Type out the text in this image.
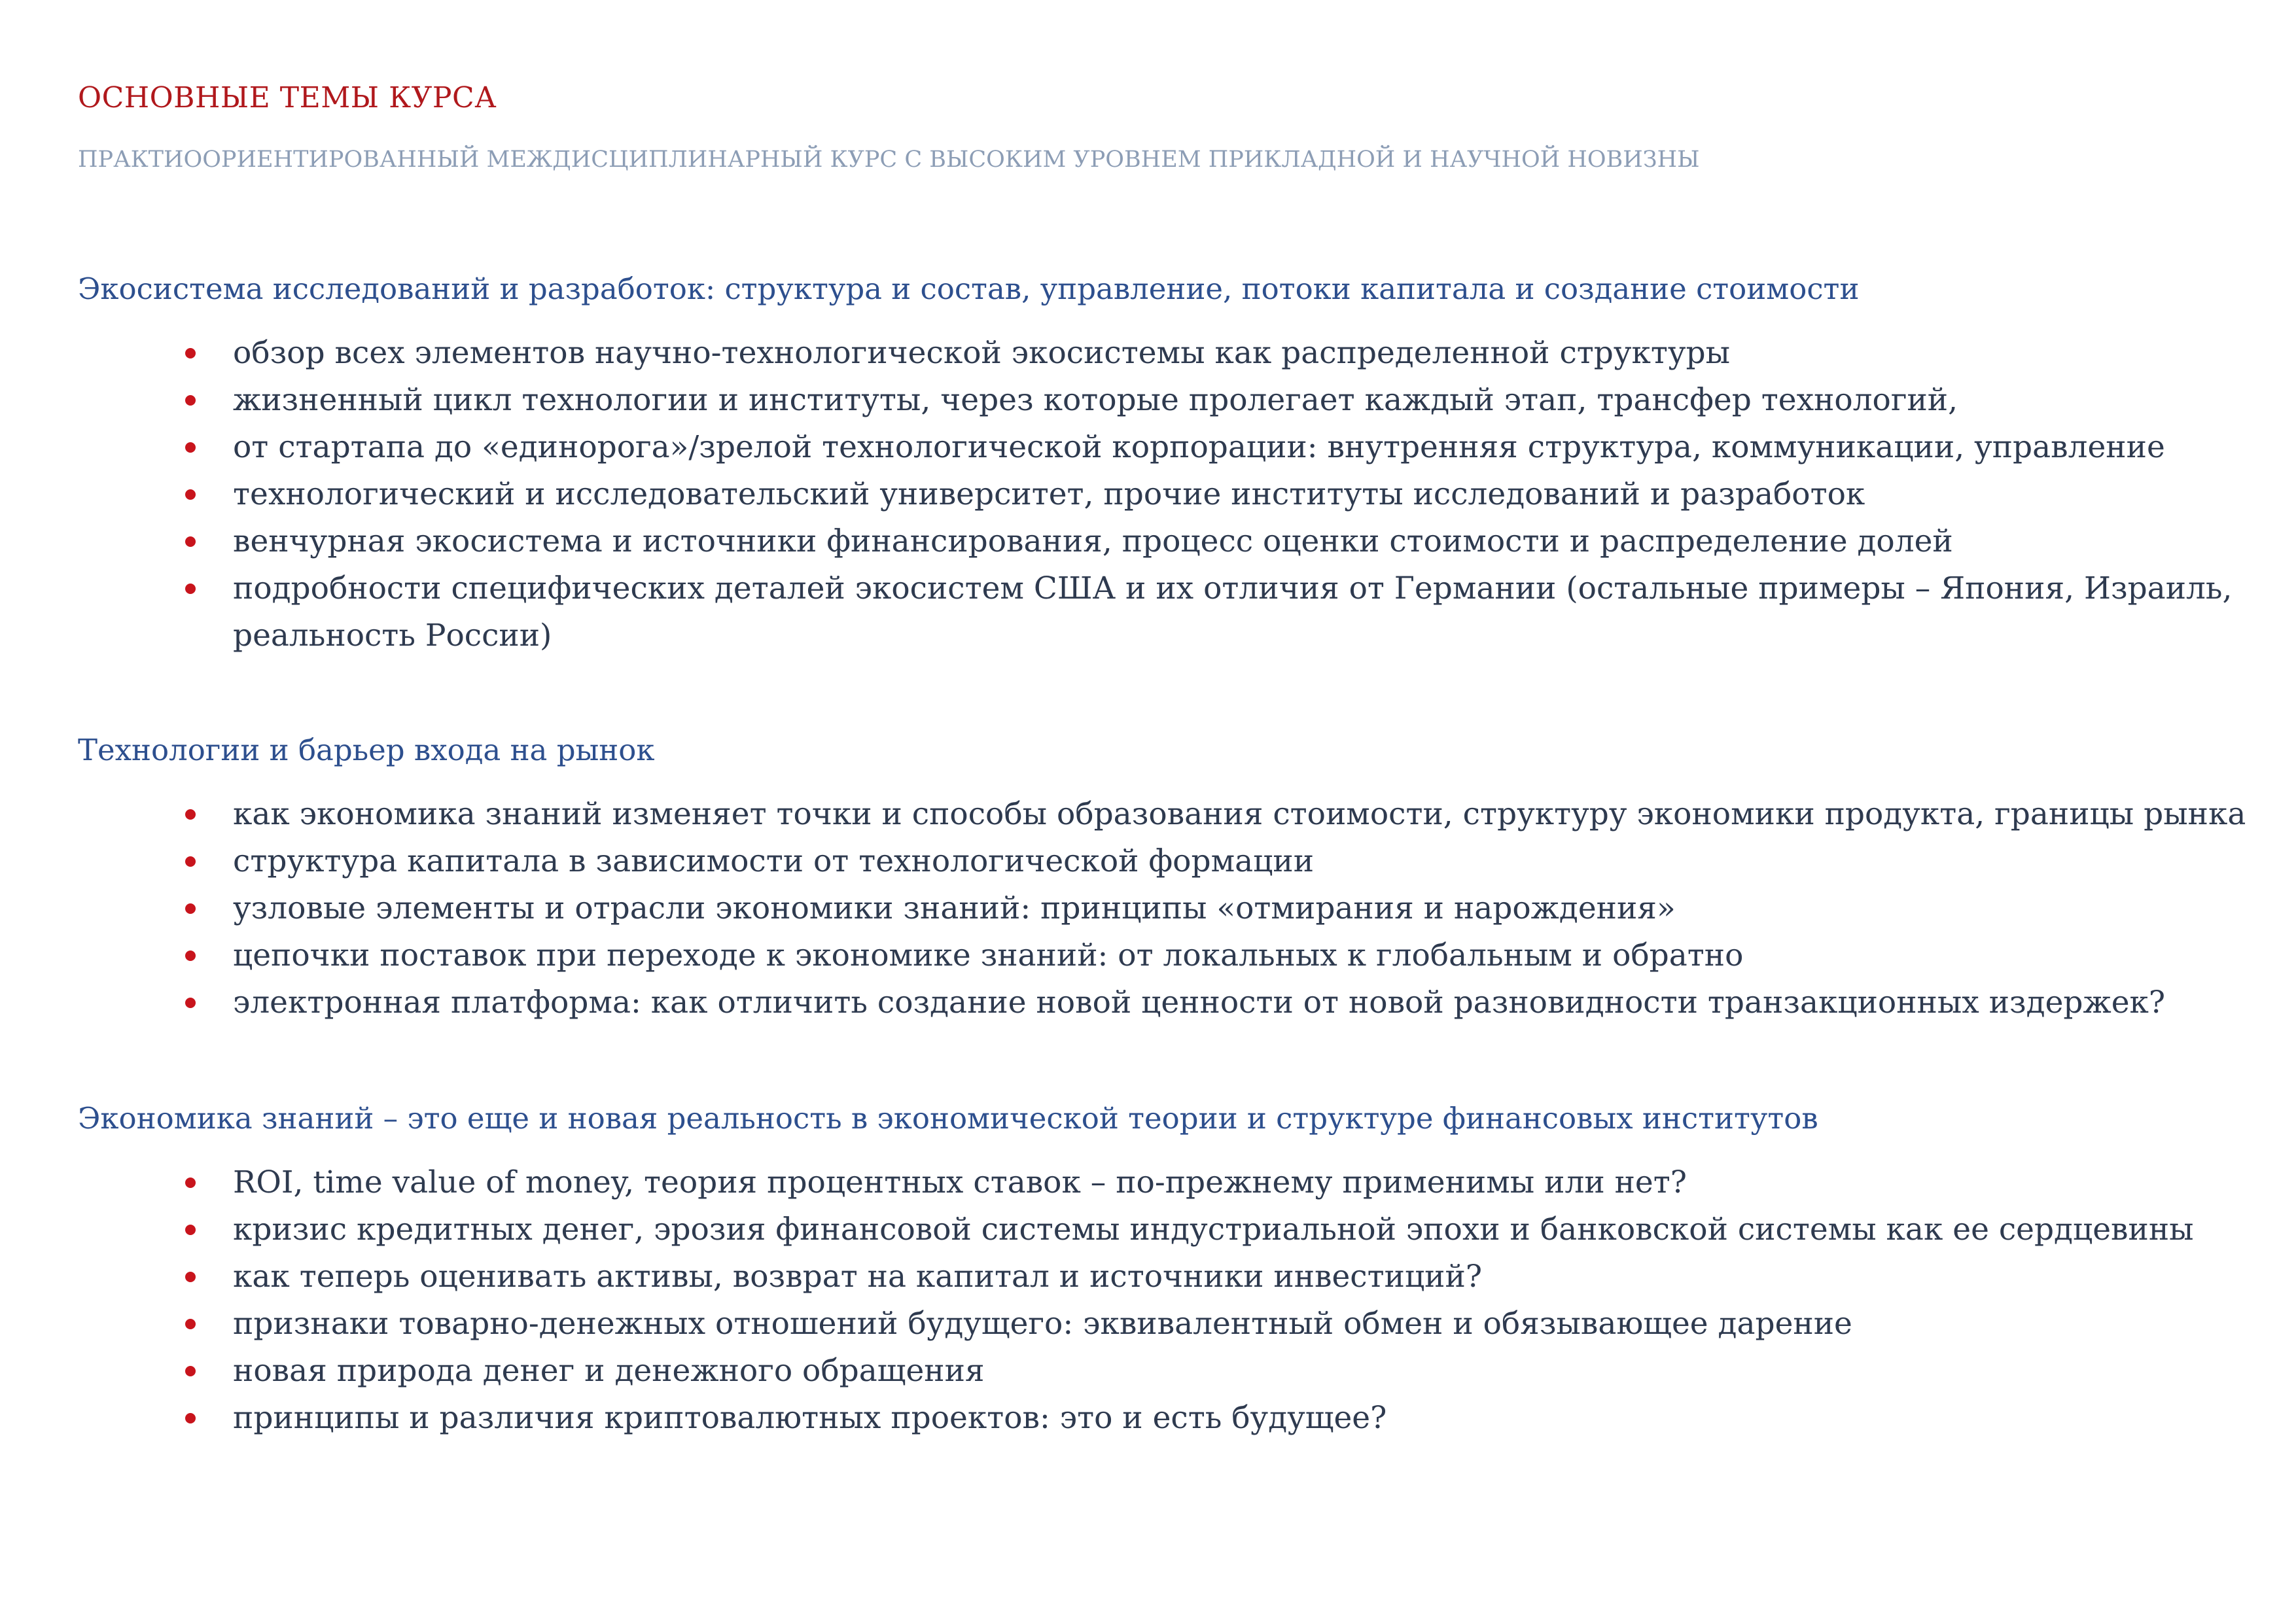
ОСНОВНЫЕ ТЕМЫ КУРСА

ПРАКТИООРИЕНТИРОВАННЫЙ МЕЖДИСЦИПЛИНАРНЫЙ КУРС С ВЫСОКИМ УРОВНЕМ ПРИКЛАДНОЙ И НАУЧНОЙ НОВИЗНЫ

Экосистема исследований и разработок: структура и состав, управление, потоки капитала и создание стоимости
обзор всех элементов научно-технологической экосистемы как распределенной структуры
жизненный цикл технологии и институты, через которые пролегает каждый этап, трансфер технологий,
от стартапа до «единорога»/зрелой технологической корпорации: внутренняя структура, коммуникации, управление
технологический и исследовательский университет, прочие институты исследований и разработок
венчурная экосистема и источники финансирования, процесс оценки стоимости и распределение долей
подробности специфических деталей экосистем США и их отличия от Германии (остальные примеры – Япония, Израиль, реальность России)
Технологии и барьер входа на рынок
как экономика знаний изменяет точки и способы образования стоимости, структуру экономики продукта, границы рынка
структура капитала в зависимости от технологической формации
узловые элементы и отрасли экономики знаний: принципы «отмирания и нарождения»
цепочки поставок при переходе к экономике знаний: от локальных к глобальным и обратно
электронная платформа: как отличить создание новой ценности от новой разновидности транзакционных издержек?
Экономика знаний – это еще и новая реальность в экономической теории и структуре финансовых институтов
ROI, time value of money, теория процентных ставок – по-прежнему применимы или нет?
кризис кредитных денег, эрозия финансовой системы индустриальной эпохи и банковской системы как ее сердцевины
как теперь оценивать активы, возврат на капитал и источники инвестиций?
признаки товарно-денежных отношений будущего: эквивалентный обмен и обязывающее дарение
новая природа денег и денежного обращения
принципы и различия криптовалютных проектов: это и есть будущее?
